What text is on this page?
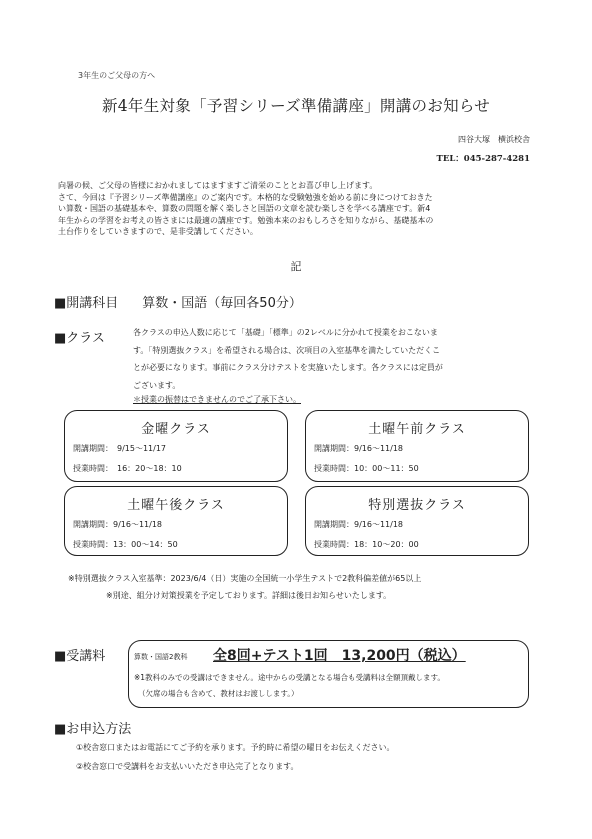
3年生のご父母の方へ
新4年生対象「予習シリーズ準備講座」開講のお知らせ
四谷大塚　横浜校舎
TEL：045-287-4281
向暑の候、ご父母の皆様におかれましてはますますご清栄のこととお喜び申し上げます。
さて、今回は『予習シリーズ準備講座』のご案内です。本格的な受験勉強を始める前に身につけておきた
い算数・国語の基礎基本や、算数の問題を解く楽しさと国語の文章を読む楽しさを学べる講座です。新4
年生からの学習をお考えの皆さまには最適の講座です。勉強本来のおもしろさを知りながら、基礎基本の
土台作りをしていきますので、是非受講してください。
記
■開講科目 算数・国語（毎回各50分）
■クラス	各クラスの申込人数に応じて「基礎」「標準」の2レベルに分かれて授業をおこないま
す。「特別選抜クラス」を希望される場合は、次項目の入室基準を満たしていただくこ
とが必要になります。事前にクラス分けテストを実施いたします。各クラスには定員が
ございます。
＊授業の振替はできませんのでご了承下さい。
金曜クラス
開講期間：　9/15～11/17
授業時間：　16：20～18：10
土曜午前クラス
開講期間：9/16～11/18
授業時間：10：00～11：50
土曜午後クラス
開講期間：9/16～11/18
授業時間：13：00～14：50
特別選抜クラス
開講期間：9/16～11/18
授業時間：18：10～20：00
※特別選抜クラス入室基準：2023/6/4（日）実施の全国統一小学生テストで2教科偏差値が65以上
※別途、組分け対策授業を予定しております。詳細は後日お知らせいたします。
■受講料	算数・国語2教科 全8回+テスト1回　13,200円（税込）
※1教科のみでの受講はできません。途中からの受講となる場合も受講料は全額頂戴します。
（欠席の場合も含めて、教材はお渡しします。）
■お申込方法
①校舎窓口またはお電話にてご予約を承ります。予約時に希望の曜日をお伝えください。
②校舎窓口で受講料をお支払いいただき申込完了となります。
